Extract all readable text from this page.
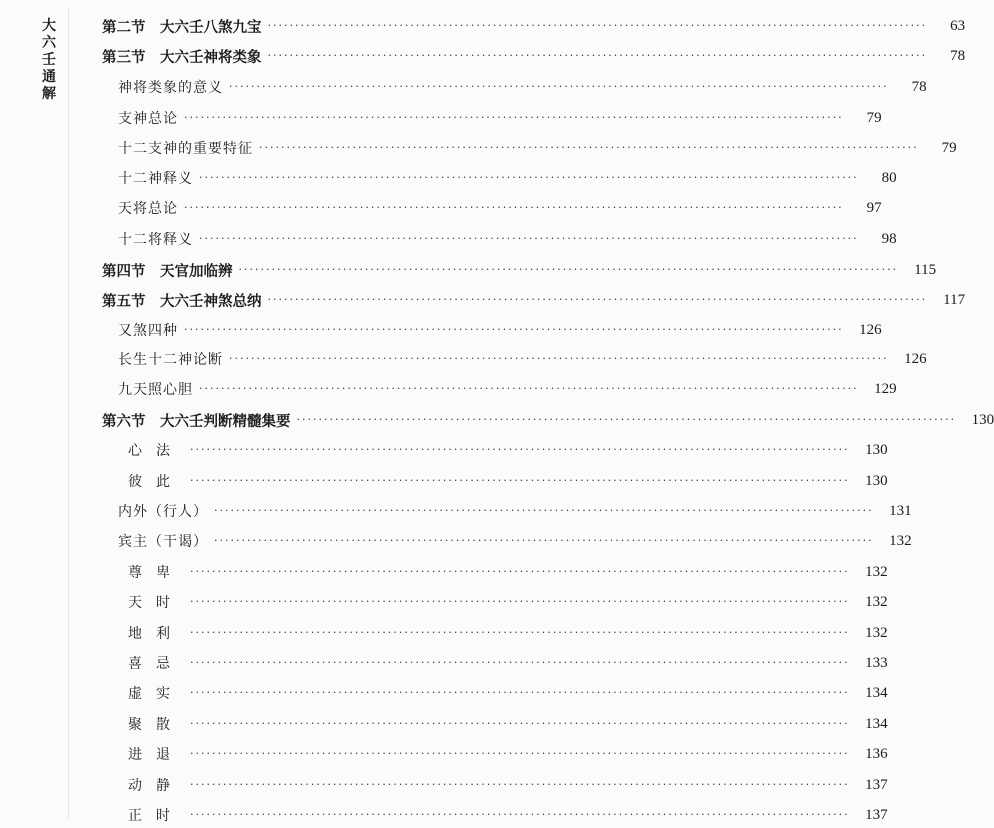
大六壬通解
第二节　大六壬八煞九宝 ························································································································	63
第三节　大六壬神将类象 ························································································································	78
神将类象的意义 ························································································································	78
支神总论 ························································································································	79
十二支神的重要特征 ························································································································	79
十二神释义 ························································································································	80
天将总论 ························································································································	97
十二将释义 ························································································································	98
第四节　天官加临辨 ························································································································	115
第五节　大六壬神煞总纳 ························································································································	117
又煞四种 ························································································································	126
长生十二神论断 ························································································································	126
九天照心胆 ························································································································	129
第六节　大六壬判断精髓集要 ························································································································	130
心法 ························································································································	130
彼此 ························································································································	130
内外（行人） ························································································································	131
宾主（干谒） ························································································································	132
尊卑 ························································································································	132
天时 ························································································································	132
地利 ························································································································	132
喜忌 ························································································································	133
虚实 ························································································································	134
聚散 ························································································································	134
进退 ························································································································	136
动静 ························································································································	137
正时 ························································································································	137
